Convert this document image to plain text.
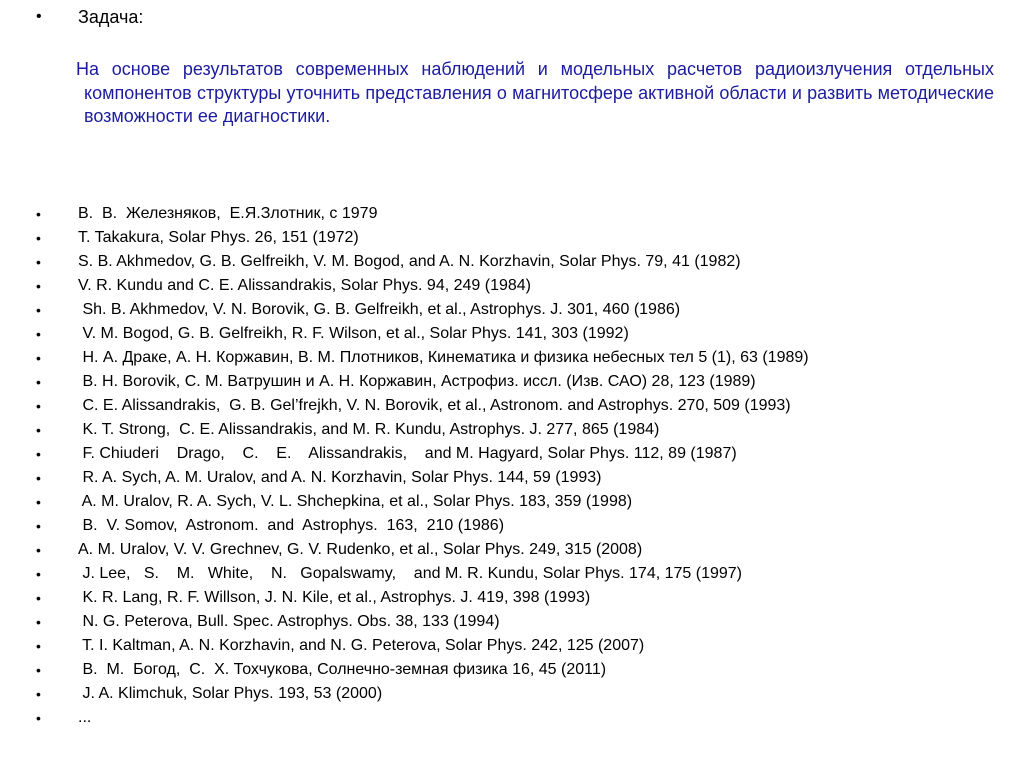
•	Задача:
На основе результатов современных наблюдений и модельных расчетов радиоизлучения отдельных компонентов структуры уточнить представления о магнитосфере активной области и развить методические возможности ее диагностики.
•	В.  В.  Железняков,  Е.Я.Злотник, с 1979
•	T. Takakura, Solar Phys. 26, 151 (1972)
•	S. B. Akhmedov, G. B. Gelfreikh, V. M. Bogod, and A. N. Korzhavin, Solar Phys. 79, 41 (1982)
•	V. R. Kundu and C. E. Alissandrakis, Solar Phys. 94, 249 (1984)
•	Sh. B. Akhmedov, V. N. Borovik, G. B. Gelfreikh, et al., Astrophys. J. 301, 460 (1986)
•	V. M. Bogod, G. B. Gelfreikh, R. F. Wilson, et al., Solar Phys. 141, 303 (1992)
•	Н. А. Драке, А. Н. Коржавин, В. М. Плотников, Кинематика и физика небесных тел 5 (1), 63 (1989)
•	В. Н. Borovik, С. М. Ватрушин и А. Н. Коржавин, Астрофиз. иссл. (Изв. САО) 28, 123 (1989)
•	C. E. Alissandrakis,  G. B. Gel’frejkh, V. N. Borovik, et al., Astronom. and Astrophys. 270, 509 (1993)
•	K. T. Strong,  C. E. Alissandrakis, and M. R. Kundu, Astrophys. J. 277, 865 (1984)
•	F. Chiuderi    Drago,    C.    E.    Alissandrakis,    and M. Hagyard, Solar Phys. 112, 89 (1987)
•	R. A. Sych, A. M. Uralov, and A. N. Korzhavin, Solar Phys. 144, 59 (1993)
•	A. M. Uralov, R. A. Sych, V. L. Shchepkina, et al., Solar Phys. 183, 359 (1998)
•	B.  V. Somov,  Astronom.  and  Astrophys.  163,  210 (1986)
•	A. M. Uralov, V. V. Grechnev, G. V. Rudenko, et al., Solar Phys. 249, 315 (2008)
•	J. Lee,   S.    M.   White,    N.   Gopalswamy,    and M. R. Kundu, Solar Phys. 174, 175 (1997)
•	K. R. Lang, R. F. Willson, J. N. Kile, et al., Astrophys. J. 419, 398 (1993)
•	N. G. Peterova, Bull. Spec. Astrophys. Obs. 38, 133 (1994)
•	T. I. Kaltman, A. N. Korzhavin, and N. G. Peterova, Solar Phys. 242, 125 (2007)
•	В.  М.  Богод,  С.  Х. Тохчукова, Солнечно-земная физика 16, 45 (2011)
•	J. A. Klimchuk, Solar Phys. 193, 53 (2000)
•	...
